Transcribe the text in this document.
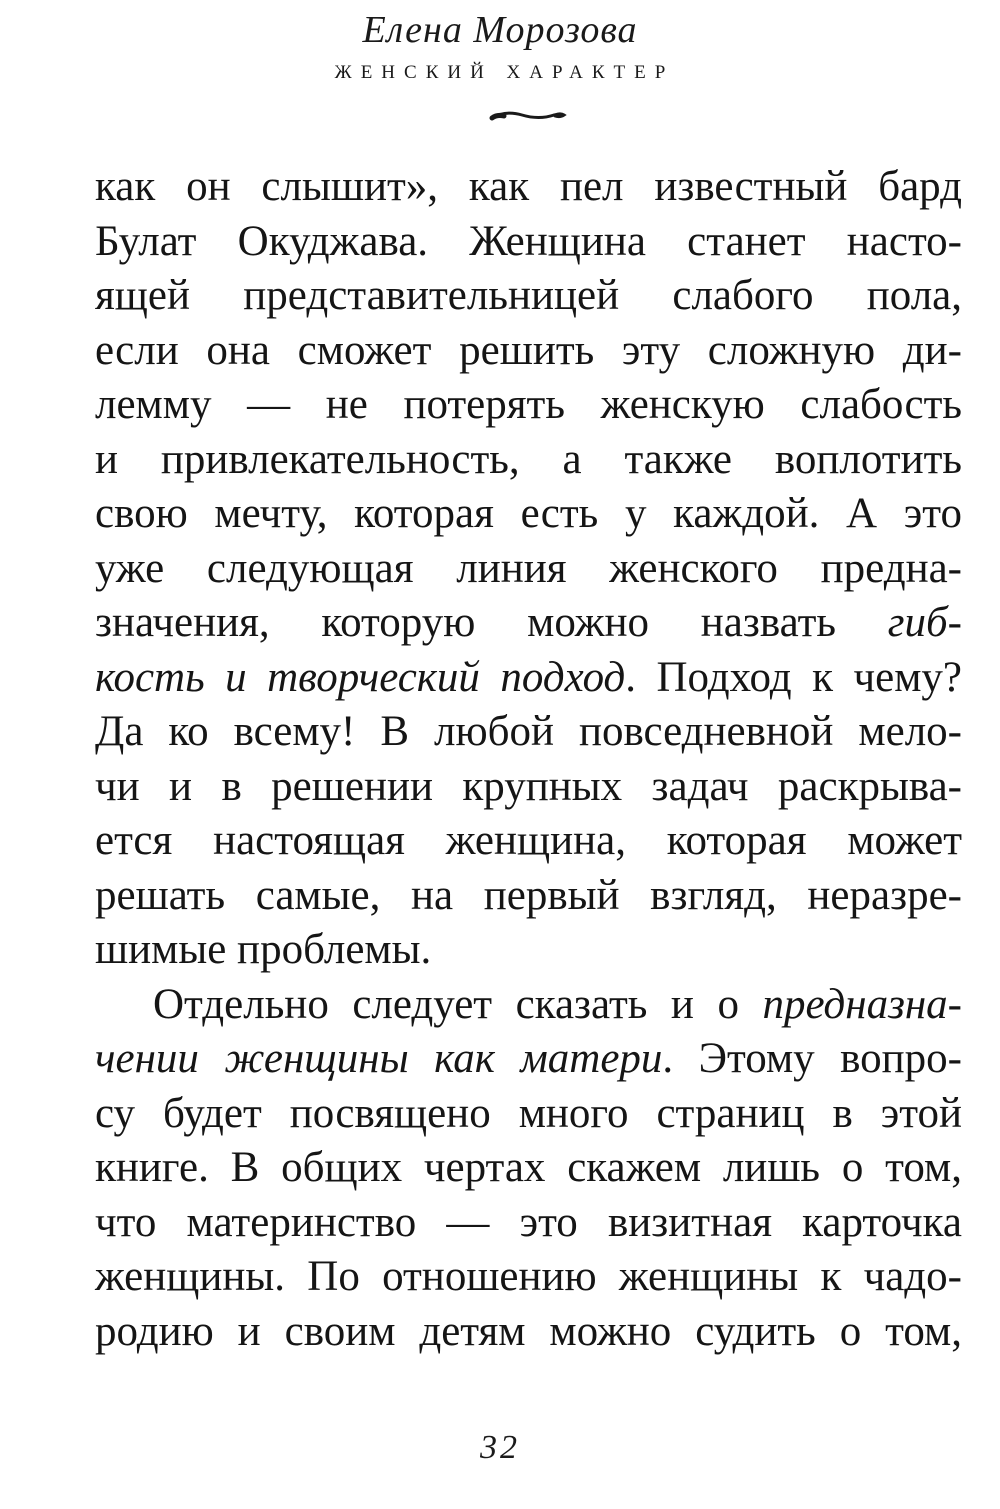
Елена Морозова
ЖЕНСКИЙ ХАРАКТЕР
как он слышит», как пел известный бард
Булат Окуджава. Женщина станет насто-
ящей представительницей слабого пола,
если она сможет решить эту сложную ди-
лемму — не потерять женскую слабость
и привлекательность, а также воплотить
свою мечту, которая есть у каждой. А это
уже следующая линия женского предна-
значения, которую можно назвать гиб-
кость и творческий подход. Подход к чему?
Да ко всему! В любой повседневной мело-
чи и в решении крупных задач раскрыва-
ется настоящая женщина, которая может
решать самые, на первый взгляд, неразре-
шимые проблемы.
Отдельно следует сказать и о предназна-
чении женщины как матери. Этому вопро-
су будет посвящено много страниц в этой
книге. В общих чертах скажем лишь о том,
что материнство — это визитная карточка
женщины. По отношению женщины к чадо-
родию и своим детям можно судить о том,
32
